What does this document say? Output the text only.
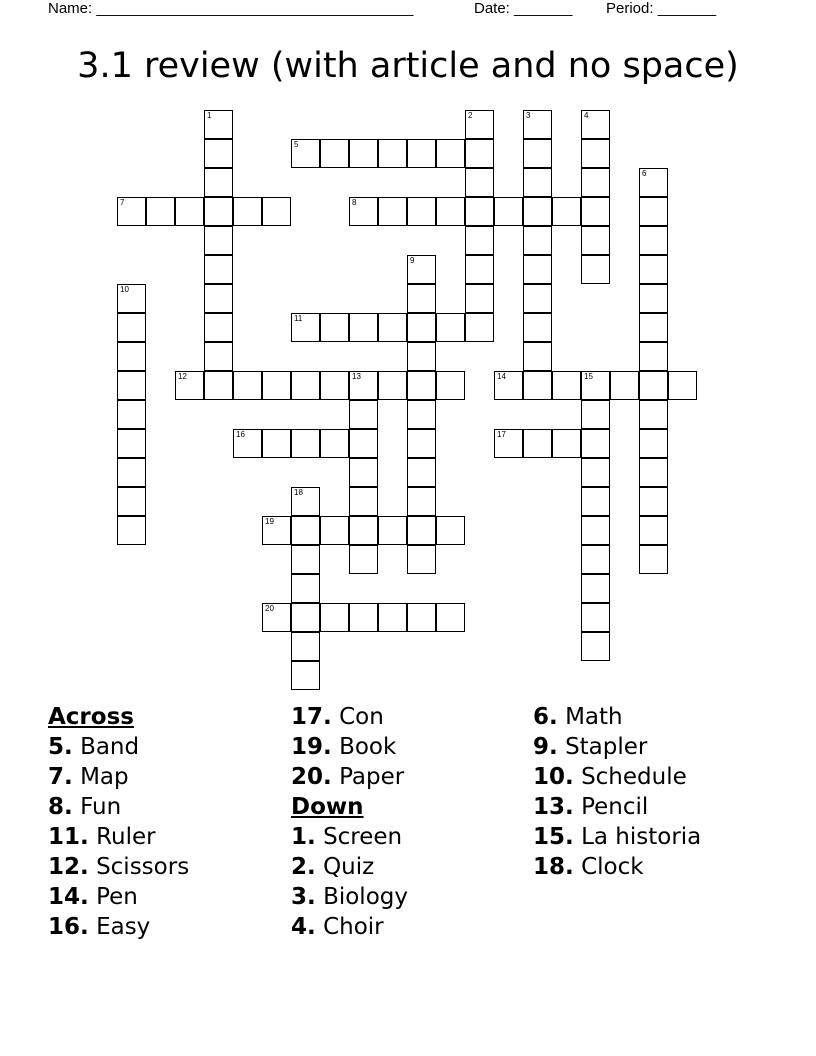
Name: ______________________________________

	Date: _______

Period: _______

3.1 review (with article and no space)
1	2	3	4
5
6
7	8
9
10
11
12	13	14	15
16	17
18
19
20
Across
5. Band
7. Map
8. Fun
11. Ruler
12. Scissors
14. Pen
16. Easy
17. Con
19. Book
20. Paper
Down
1. Screen
2. Quiz
3. Biology
4. Choir
6. Math
9. Stapler
10. Schedule
13. Pencil
15. La historia
18. Clock
